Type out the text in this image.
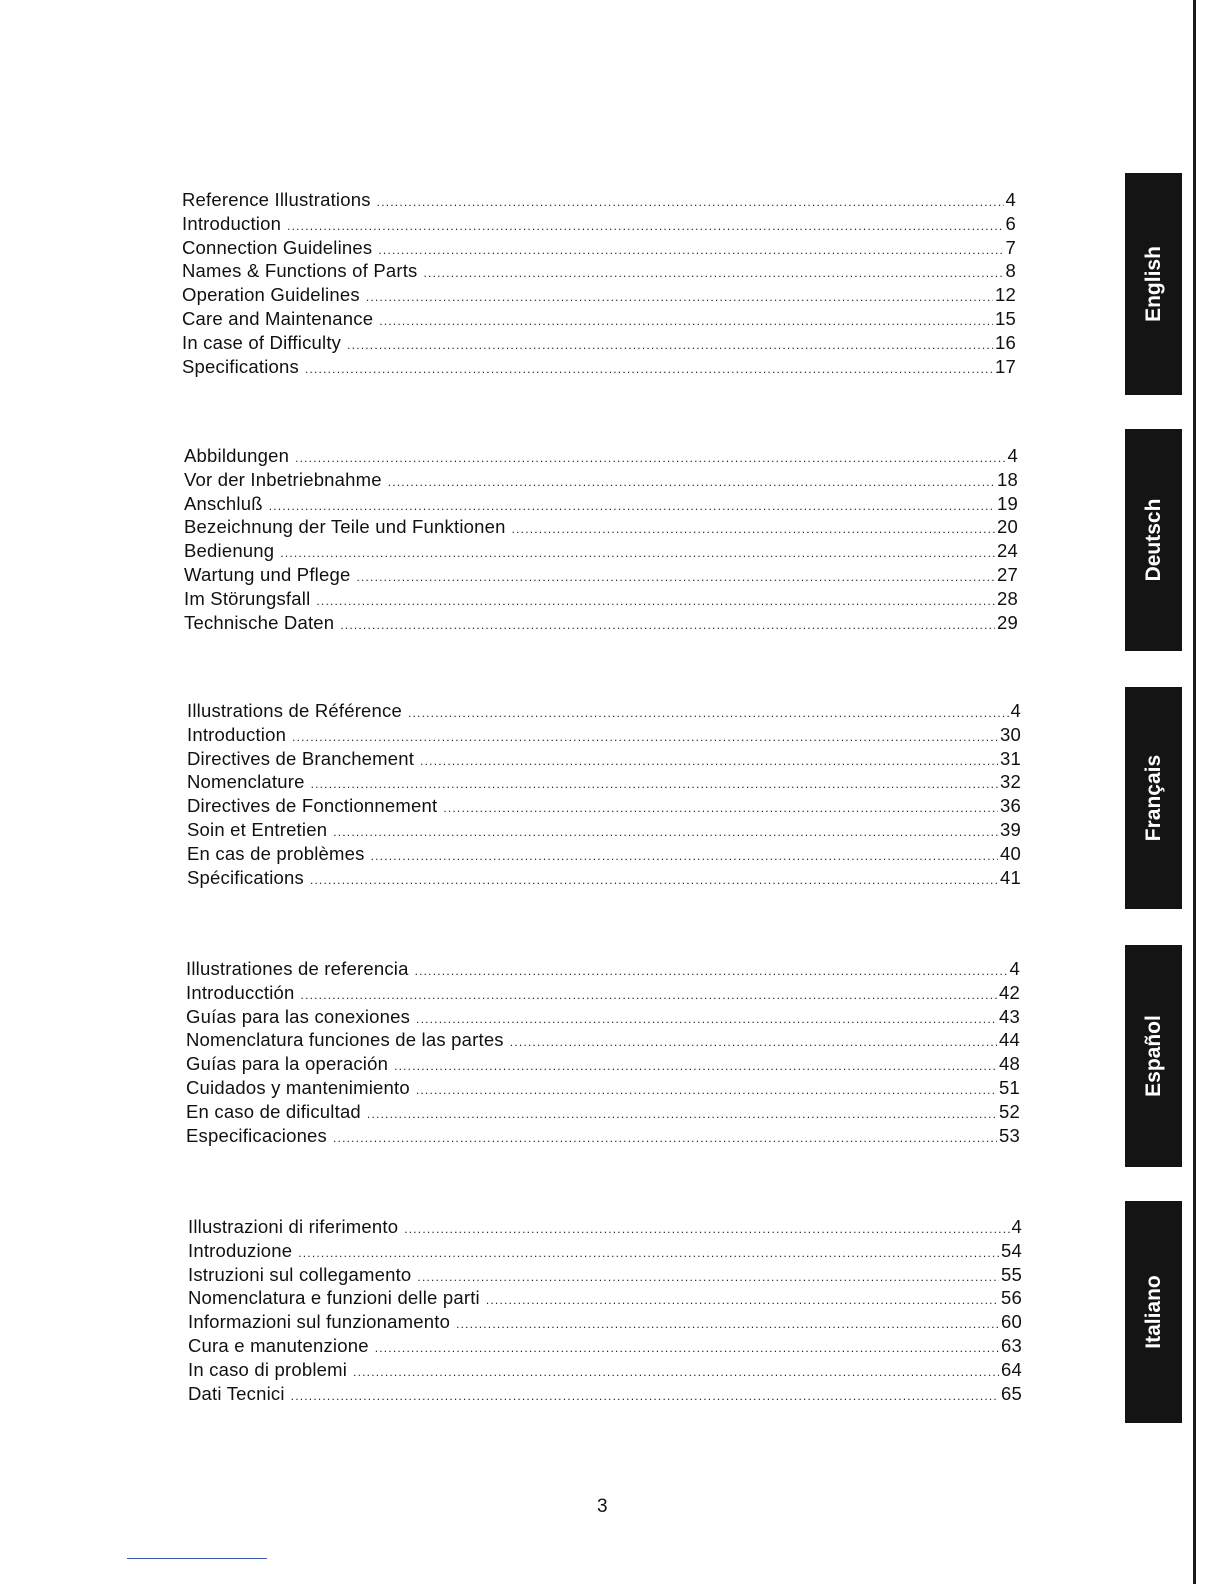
Reference Illustrations .....	4
Introduction .....	6
Connection Guidelines .....	7
Names & Functions of Parts .....	8
Operation Guidelines .....	12
Care and Maintenance .....	15
In case of Difficulty .....	16
Specifications .....	17
Abbildungen .....	4
Vor der Inbetriebnahme .....	18
Anschluß .....	19
Bezeichnung der Teile und Funktionen .....	20
Bedienung .....	24
Wartung und Pflege .....	27
Im Störungsfall .....	28
Technische Daten .....	29
Illustrations de Référence .....	4
Introduction .....	30
Directives de Branchement .....	31
Nomenclature .....	32
Directives de Fonctionnement .....	36
Soin et Entretien .....	39
En cas de problèmes .....	40
Spécifications .....	41
Illustrationes de referencia .....	4
Introducctión .....	42
Guías para las conexiones .....	43
Nomenclatura funciones de las partes .....	44
Guías para la operación .....	48
Cuidados y mantenimiento .....	51
En caso de dificultad .....	52
Especificaciones .....	53
Illustrazioni di riferimento .....	4
Introduzione .....	54
Istruzioni sul collegamento .....	55
Nomenclatura e funzioni delle parti .....	56
Informazioni sul funzionamento .....	60
Cura e manutenzione .....	63
In caso di problemi .....	64
Dati Tecnici .....	65
English
Deutsch
Français
Español
Italiano
3
